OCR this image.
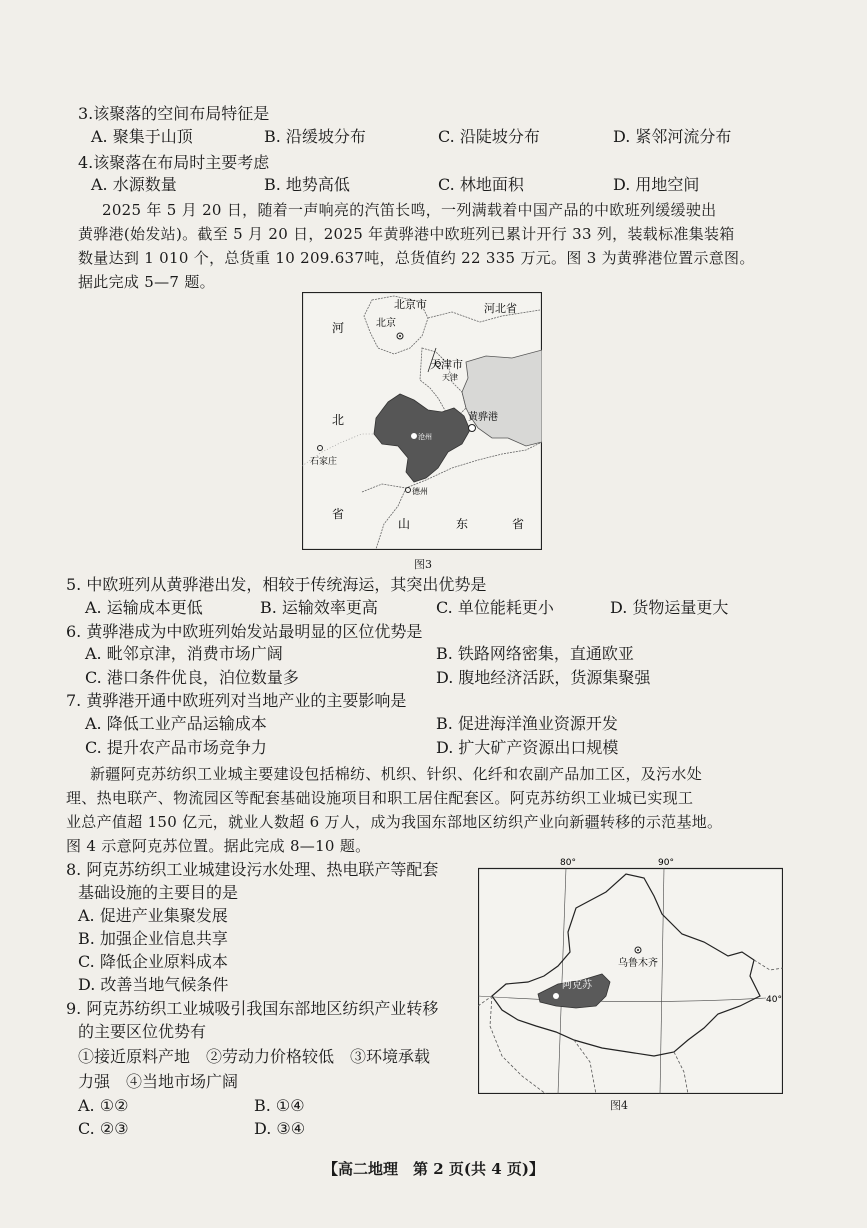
3.该聚落的空间布局特征是
A. 聚集于山顶	B. 沿缓坡分布	C. 沿陡坡分布	D. 紧邻河流分布
4.该聚落在布局时主要考虑
A. 水源数量	B. 地势高低	C. 林地面积	D. 用地空间
2025 年 5 月 20 日，随着一声响亮的汽笛长鸣，一列满载着中国产品的中欧班列缓缓驶出
黄骅港(始发站)。截至 5 月 20 日，2025 年黄骅港中欧班列已累计开行 33 列，装载标准集装箱
数量达到 1 010 个，总货重 10 209.637吨，总货值约 22 335 万元。图 3 为黄骅港位置示意图。
据此完成 5—7 题。
北京市
北京
河北省
河
北
省
天津市
天津
黄骅港
沧州
石家庄
德州
山	东	省
图3
5. 中欧班列从黄骅港出发，相较于传统海运，其突出优势是
A. 运输成本更低	B. 运输效率更高	C. 单位能耗更小	D. 货物运量更大
6. 黄骅港成为中欧班列始发站最明显的区位优势是
A. 毗邻京津，消费市场广阔	B. 铁路网络密集，直通欧亚
C. 港口条件优良，泊位数量多	D. 腹地经济活跃，货源集聚强
7. 黄骅港开通中欧班列对当地产业的主要影响是
A. 降低工业产品运输成本	B. 促进海洋渔业资源开发
C. 提升农产品市场竞争力	D. 扩大矿产资源出口规模
新疆阿克苏纺织工业城主要建设包括棉纺、机织、针织、化纤和农副产品加工区，及污水处
理、热电联产、物流园区等配套基础设施项目和职工居住配套区。阿克苏纺织工业城已实现工
业总产值超 150 亿元，就业人数超 6 万人，成为我国东部地区纺织产业向新疆转移的示范基地。
图 4 示意阿克苏位置。据此完成 8—10 题。
8. 阿克苏纺织工业城建设污水处理、热电联产等配套
基础设施的主要目的是
A. 促进产业集聚发展
B. 加强企业信息共享
C. 降低企业原料成本
D. 改善当地气候条件
9. 阿克苏纺织工业城吸引我国东部地区纺织产业转移
的主要区位优势有
①接近原料产地　②劳动力价格较低　③环境承载
力强　④当地市场广阔
A. ①②	B. ①④
C. ②③	D. ③④
80°	90°
40°
乌鲁木齐
阿克苏
图4
【高二地理　第 2 页(共 4 页)】
